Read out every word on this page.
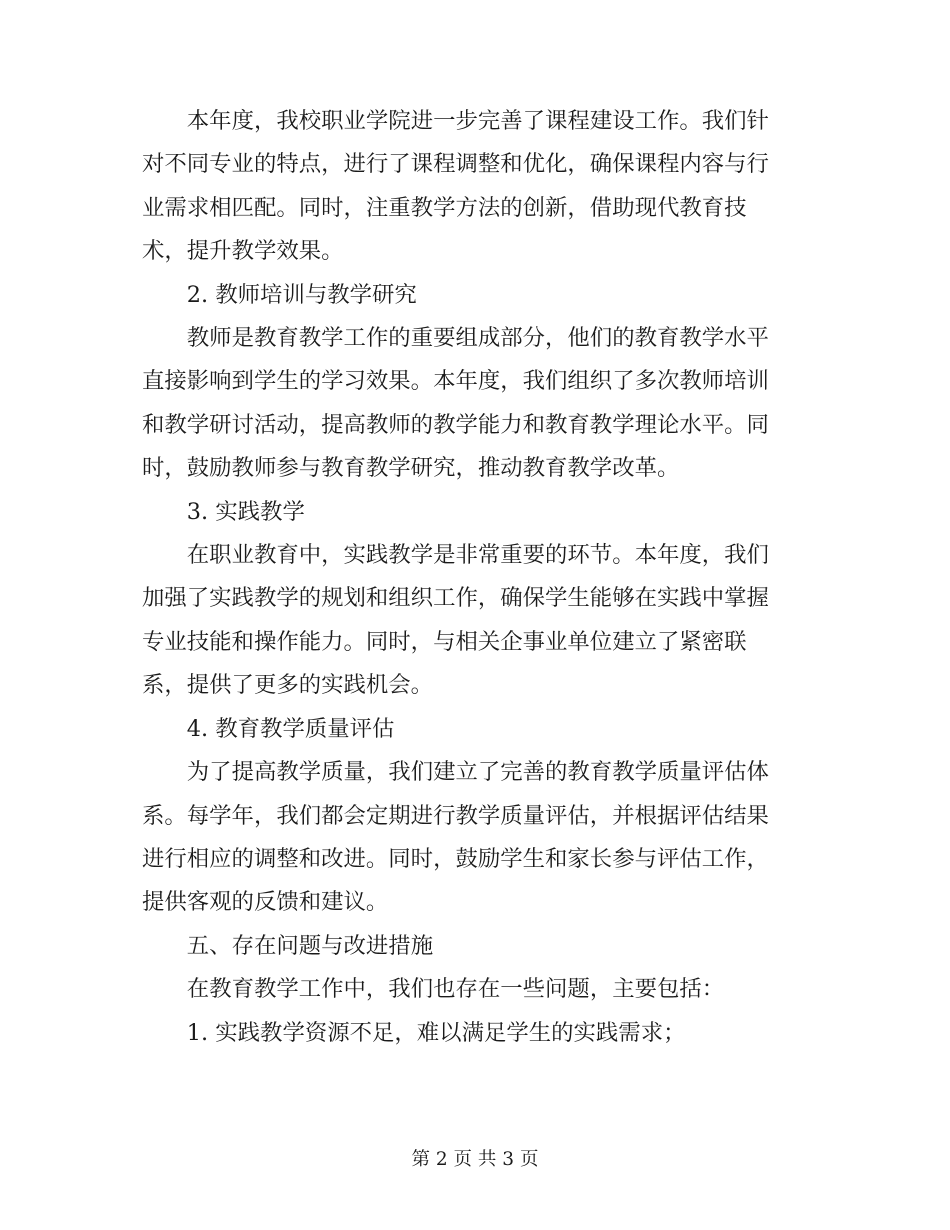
本年度，我校职业学院进一步完善了课程建设工作。我们针
对不同专业的特点，进行了课程调整和优化，确保课程内容与行
业需求相匹配。同时，注重教学方法的创新，借助现代教育技
术，提升教学效果。

2. 教师培训与教学研究

教师是教育教学工作的重要组成部分，他们的教育教学水平
直接影响到学生的学习效果。本年度，我们组织了多次教师培训
和教学研讨活动，提高教师的教学能力和教育教学理论水平。同
时，鼓励教师参与教育教学研究，推动教育教学改革。

3. 实践教学

在职业教育中，实践教学是非常重要的环节。本年度，我们
加强了实践教学的规划和组织工作，确保学生能够在实践中掌握
专业技能和操作能力。同时，与相关企事业单位建立了紧密联
系，提供了更多的实践机会。

4. 教育教学质量评估

为了提高教学质量，我们建立了完善的教育教学质量评估体
系。每学年，我们都会定期进行教学质量评估，并根据评估结果
进行相应的调整和改进。同时，鼓励学生和家长参与评估工作，
提供客观的反馈和建议。

五、存在问题与改进措施

在教育教学工作中，我们也存在一些问题，主要包括：

1. 实践教学资源不足，难以满足学生的实践需求；

第 2 页 共 3 页
